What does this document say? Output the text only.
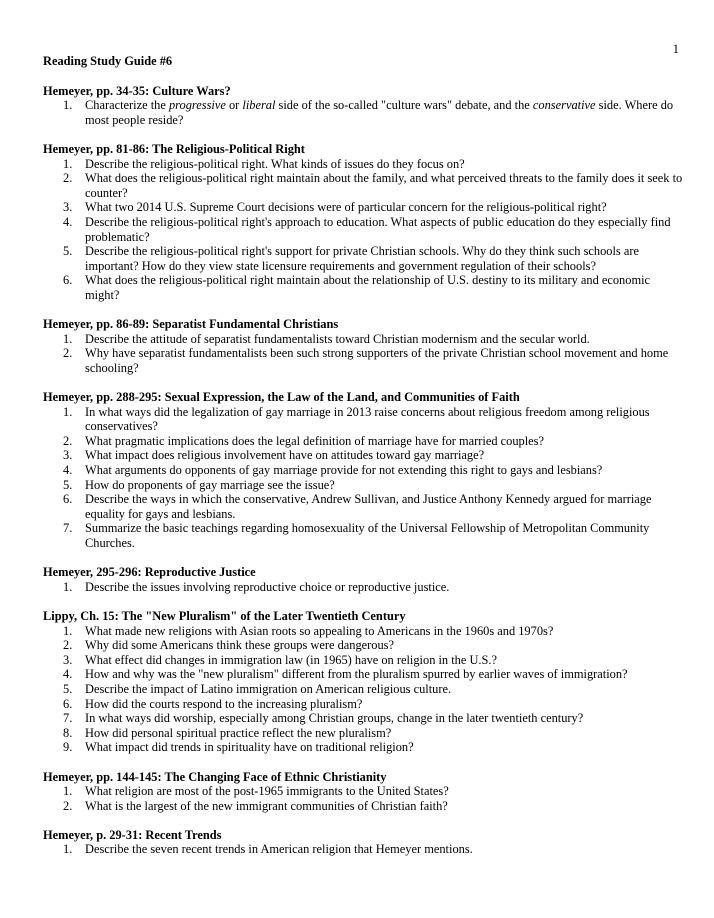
1
Reading Study Guide #6
Hemeyer, pp. 34-35: Culture Wars?
1. Characterize the progressive or liberal side of the so-called "culture wars" debate, and the conservative side. Where do most people reside?
Hemeyer, pp. 81-86: The Religious-Political Right
1. Describe the religious-political right. What kinds of issues do they focus on?
2. What does the religious-political right maintain about the family, and what perceived threats to the family does it seek to counter?
3. What two 2014 U.S. Supreme Court decisions were of particular concern for the religious-political right?
4. Describe the religious-political right's approach to education. What aspects of public education do they especially find problematic?
5. Describe the religious-political right's support for private Christian schools. Why do they think such schools are important? How do they view state licensure requirements and government regulation of their schools?
6. What does the religious-political right maintain about the relationship of U.S. destiny to its military and economic might?
Hemeyer, pp. 86-89: Separatist Fundamental Christians
1. Describe the attitude of separatist fundamentalists toward Christian modernism and the secular world.
2. Why have separatist fundamentalists been such strong supporters of the private Christian school movement and home schooling?
Hemeyer, pp. 288-295: Sexual Expression, the Law of the Land, and Communities of Faith
1. In what ways did the legalization of gay marriage in 2013 raise concerns about religious freedom among religious conservatives?
2. What pragmatic implications does the legal definition of marriage have for married couples?
3. What impact does religious involvement have on attitudes toward gay marriage?
4. What arguments do opponents of gay marriage provide for not extending this right to gays and lesbians?
5. How do proponents of gay marriage see the issue?
6. Describe the ways in which the conservative, Andrew Sullivan, and Justice Anthony Kennedy argued for marriage equality for gays and lesbians.
7. Summarize the basic teachings regarding homosexuality of the Universal Fellowship of Metropolitan Community Churches.
Hemeyer, 295-296: Reproductive Justice
1. Describe the issues involving reproductive choice or reproductive justice.
Lippy, Ch. 15: The "New Pluralism" of the Later Twentieth Century
1. What made new religions with Asian roots so appealing to Americans in the 1960s and 1970s?
2. Why did some Americans think these groups were dangerous?
3. What effect did changes in immigration law (in 1965) have on religion in the U.S.?
4. How and why was the "new pluralism" different from the pluralism spurred by earlier waves of immigration?
5. Describe the impact of Latino immigration on American religious culture.
6. How did the courts respond to the increasing pluralism?
7. In what ways did worship, especially among Christian groups, change in the later twentieth century?
8. How did personal spiritual practice reflect the new pluralism?
9. What impact did trends in spirituality have on traditional religion?
Hemeyer, pp. 144-145: The Changing Face of Ethnic Christianity
1. What religion are most of the post-1965 immigrants to the United States?
2. What is the largest of the new immigrant communities of Christian faith?
Hemeyer, p. 29-31: Recent Trends
1. Describe the seven recent trends in American religion that Hemeyer mentions.
